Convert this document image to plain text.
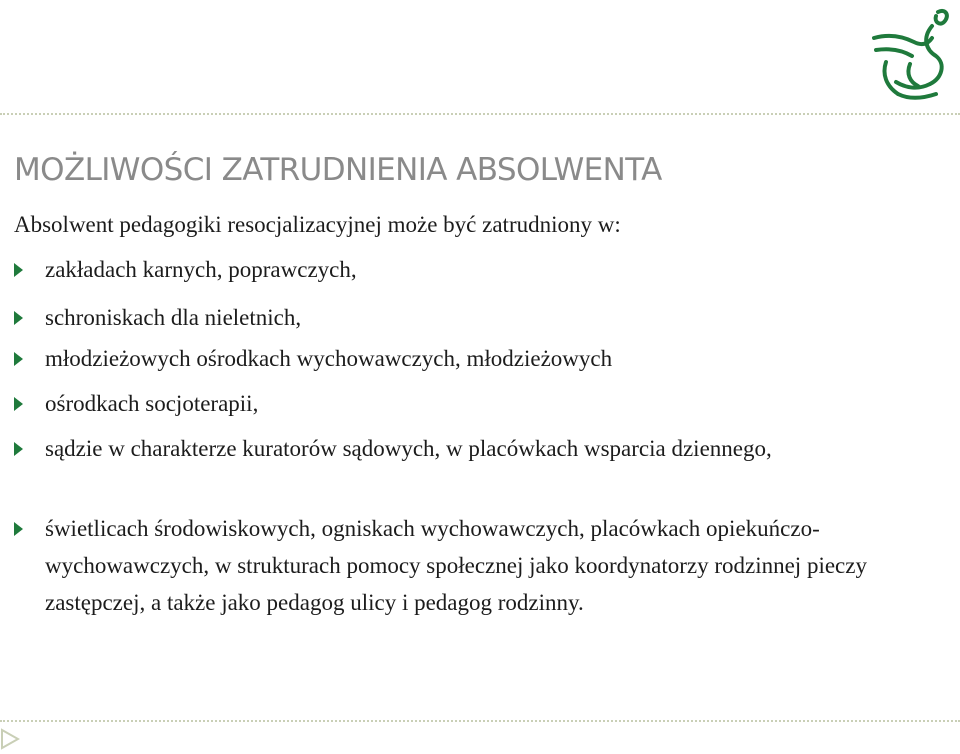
MOŻLIWOŚCI ZATRUDNIENIA ABSOLWENTA

Absolwent pedagogiki resocjalizacyjnej może być zatrudniony w:

zakładach karnych, poprawczych,
schroniskach dla nieletnich,
młodzieżowych ośrodkach wychowawczych, młodzieżowych
ośrodkach socjoterapii,
sądzie w charakterze kuratorów sądowych, w placówkach wsparcia dziennego,
świetlicach środowiskowych, ogniskach wychowawczych, placówkach opiekuńczo-wychowawczych, w strukturach pomocy społecznej jako koordynatorzy rodzinnej pieczy zastępczej, a także jako pedagog ulicy i pedagog rodzinny.
